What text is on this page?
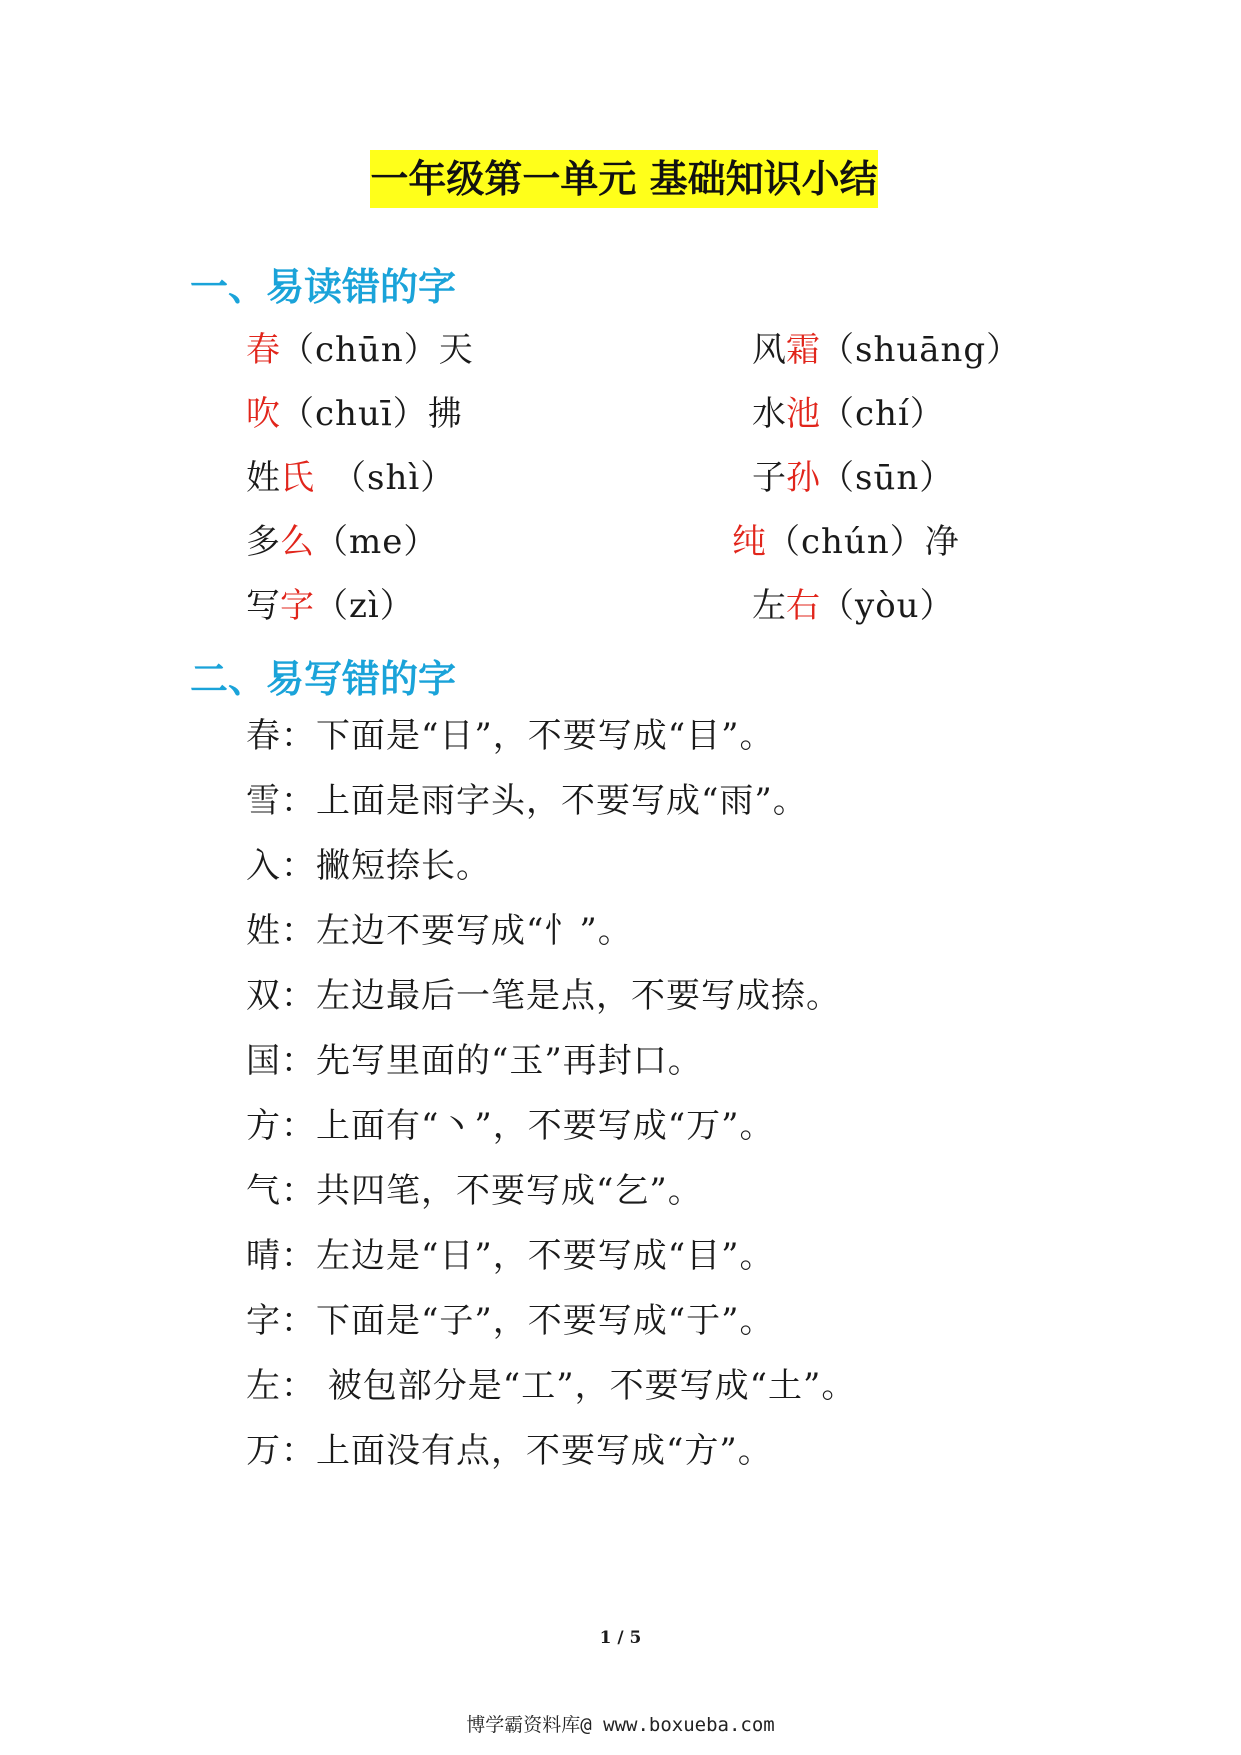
一年级第一单元 基础知识小结
一、易读错的字
春（chūn）天
吹（chuī）拂
姓氏 （shì）
多么（me）
写字（zì）
风霜（shuāng）
水池（chí）
子孙（sūn）
纯（chún）净
左右（yòu）
二、易写错的字
春：下面是“日”，不要写成“目”。
雪：上面是雨字头，不要写成“雨”。
入：撇短捺长。
姓：左边不要写成“忄”。
双：左边最后一笔是点，不要写成捺。
国：先写里面的“玉”再封口。
方：上面有“丶”，不要写成“万”。
气：共四笔，不要写成“乞”。
晴：左边是“日”，不要写成“目”。
字：下面是“子”，不要写成“于”。
左： 被包部分是“工”，不要写成“土”。
万：上面没有点，不要写成“方”。
1 / 5
博学霸资料库@ www.boxueba.com
